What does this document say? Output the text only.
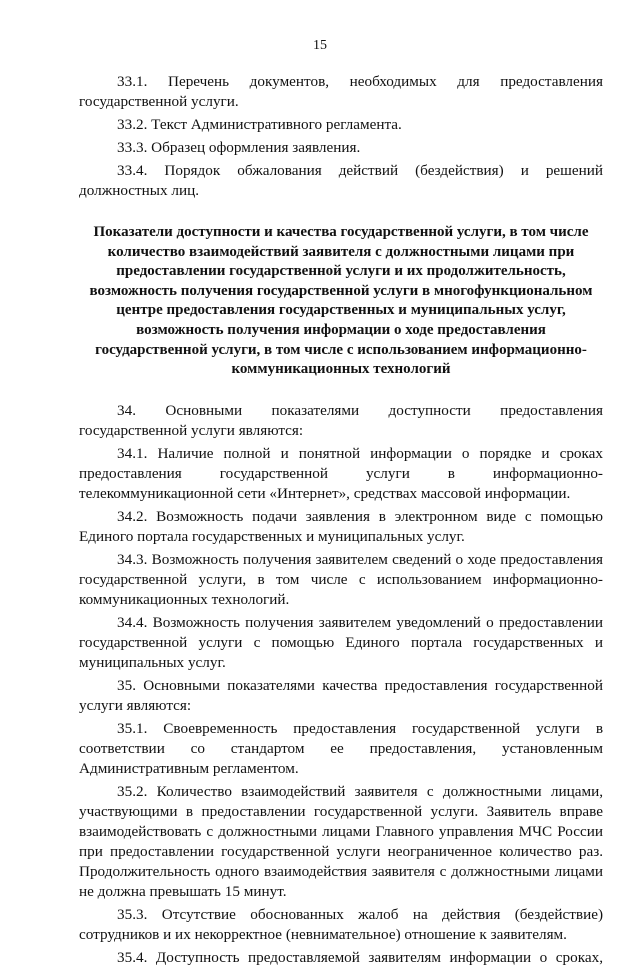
15

33.1. Перечень документов, необходимых для предоставления государственной услуги.

33.2. Текст Административного регламента.

33.3. Образец оформления заявления.

33.4. Порядок обжалования действий (бездействия) и решений должностных лиц.

Показатели доступности и качества государственной услуги, в том числе количество взаимодействий заявителя с должностными лицами при предоставлении государственной услуги и их продолжительность, возможность получения государственной услуги в многофункциональном центре предоставления государственных и муниципальных услуг, возможность получения информации о ходе предоставления государственной услуги, в том числе с использованием информационно-коммуникационных технологий

34. Основными показателями доступности предоставления государственной услуги являются:

34.1. Наличие полной и понятной информации о порядке и сроках предоставления государственной услуги в информационно-телекоммуникационной сети «Интернет», средствах массовой информации.

34.2. Возможность подачи заявления в электронном виде с помощью Единого портала государственных и муниципальных услуг.

34.3. Возможность получения заявителем сведений о ходе предоставления государственной услуги, в том числе с использованием информационно-коммуникационных технологий.

34.4. Возможность получения заявителем уведомлений о предоставлении государственной услуги с помощью Единого портала государственных и муниципальных услуг.

35. Основными показателями качества предоставления государственной услуги являются:

35.1. Своевременность предоставления государственной услуги в соответствии со стандартом ее предоставления, установленным Административным регламентом.

35.2. Количество взаимодействий заявителя с должностными лицами, участвующими в предоставлении государственной услуги. Заявитель вправе взаимодействовать с должностными лицами Главного управления МЧС России при предоставлении государственной услуги неограниченное количество раз. Продолжительность одного взаимодействия заявителя с должностными лицами не должна превышать 15 минут.

35.3. Отсутствие обоснованных жалоб на действия (бездействие) сотрудников и их некорректное (невнимательное) отношение к заявителям.

35.4. Доступность предоставляемой заявителям информации о сроках,
